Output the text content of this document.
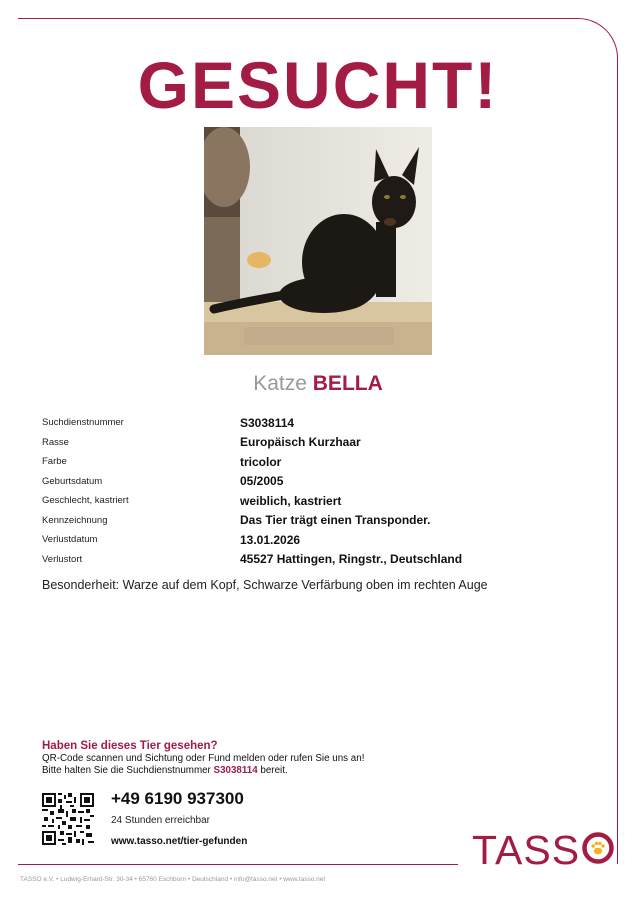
GESUCHT!
Katze BELLA
Suchdienstnummer	S3038114
Rasse	Europäisch Kurzhaar
Farbe	tricolor
Geburtsdatum	05/2005
Geschlecht, kastriert	weiblich, kastriert
Kennzeichnung	Das Tier trägt einen Transponder.
Verlustdatum	13.01.2026
Verlustort	45527 Hattingen, Ringstr., Deutschland
Besonderheit: Warze auf dem Kopf, Schwarze Verfärbung oben im rechten Auge
Haben Sie dieses Tier gesehen?
QR-Code scannen und Sichtung oder Fund melden oder rufen Sie uns an!
Bitte halten Sie die Suchdienstnummer S3038114 bereit.
+49 6190 937300
24 Stunden erreichbar
www.tasso.net/tier-gefunden	TASS
TASSO e.V. • Ludwig-Erhard-Str. 30-34 • 65760 Eschborn • Deutschland • info@tasso.net • www.tasso.net
